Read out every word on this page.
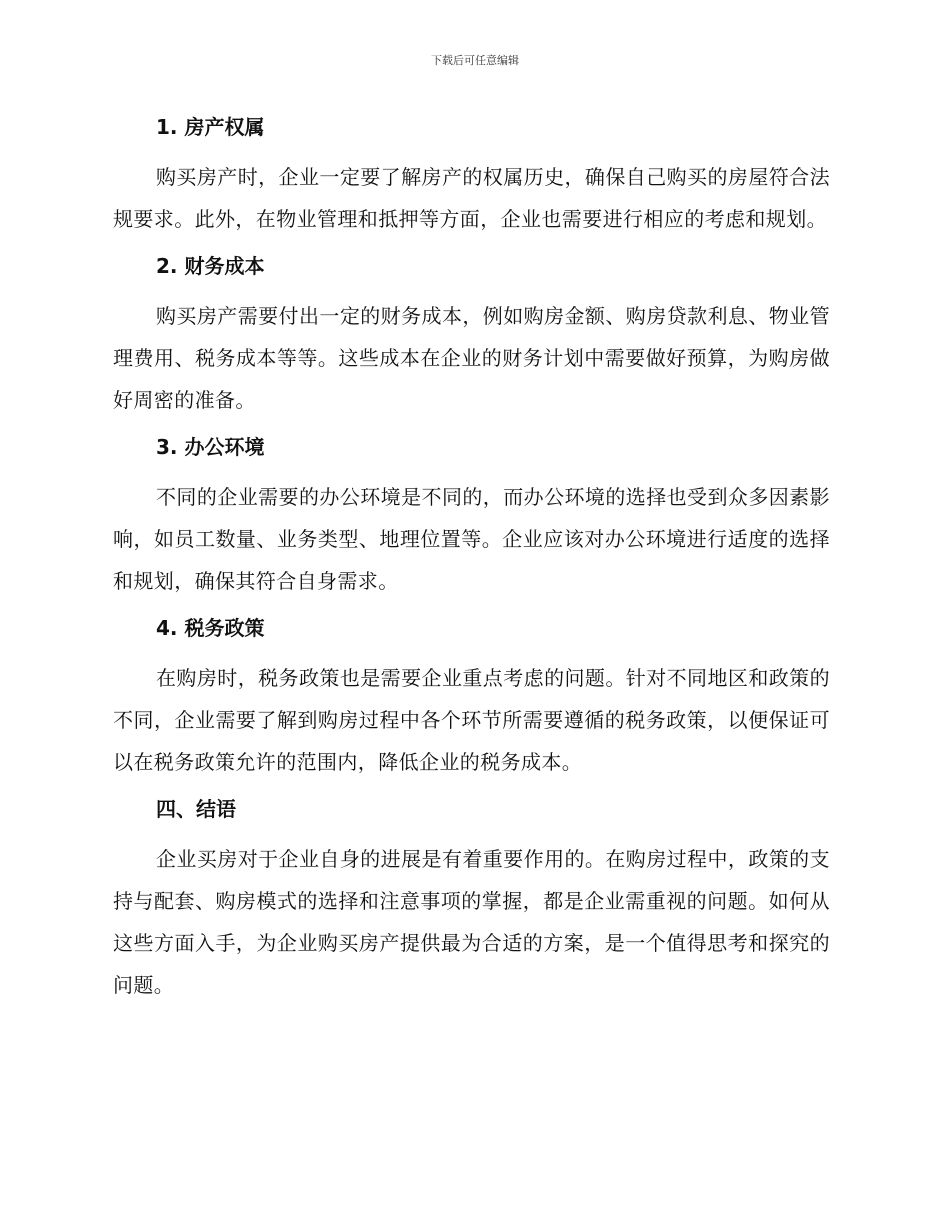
下载后可任意编辑
1. 房产权属

购买房产时，企业一定要了解房产的权属历史，确保自己购买的房屋符合法规要求。此外，在物业管理和抵押等方面，企业也需要进行相应的考虑和规划。

2. 财务成本

购买房产需要付出一定的财务成本，例如购房金额、购房贷款利息、物业管理费用、税务成本等等。这些成本在企业的财务计划中需要做好预算，为购房做好周密的准备。

3. 办公环境

不同的企业需要的办公环境是不同的，而办公环境的选择也受到众多因素影响，如员工数量、业务类型、地理位置等。企业应该对办公环境进行适度的选择和规划，确保其符合自身需求。

4. 税务政策

在购房时，税务政策也是需要企业重点考虑的问题。针对不同地区和政策的不同，企业需要了解到购房过程中各个环节所需要遵循的税务政策，以便保证可以在税务政策允许的范围内，降低企业的税务成本。

四、结语

企业买房对于企业自身的进展是有着重要作用的。在购房过程中，政策的支持与配套、购房模式的选择和注意事项的掌握，都是企业需重视的问题。如何从这些方面入手，为企业购买房产提供最为合适的方案，是一个值得思考和探究的问题。
